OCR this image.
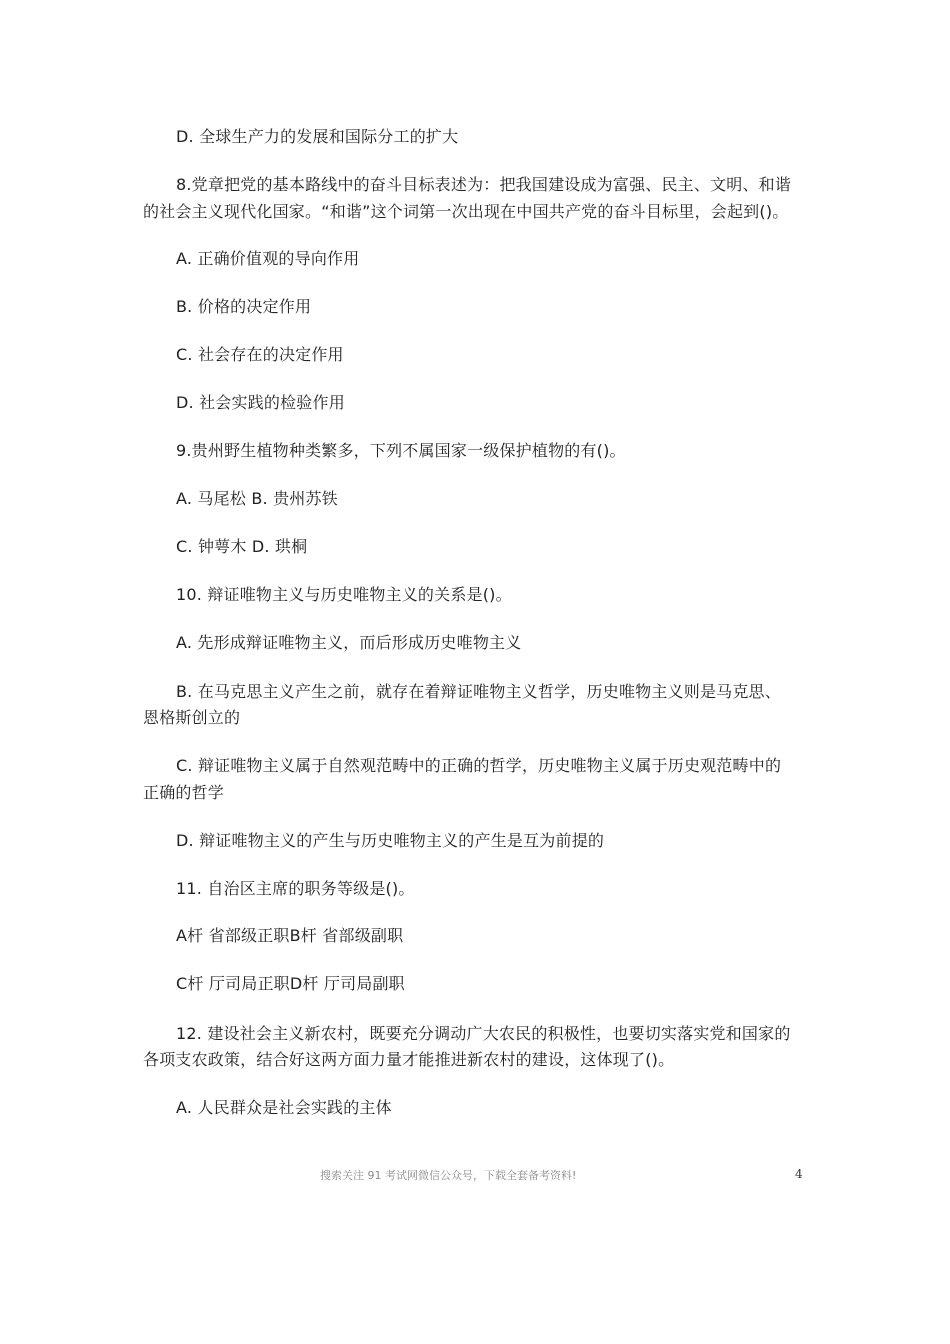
D. 全球生产力的发展和国际分工的扩大
8.党章把党的基本路线中的奋斗目标表述为：把我国建设成为富强、民主、文明、和谐
的社会主义现代化国家。“和谐”这个词第一次出现在中国共产党的奋斗目标里，会起到()。
A. 正确价值观的导向作用
B. 价格的决定作用
C. 社会存在的决定作用
D. 社会实践的检验作用
9.贵州野生植物种类繁多，下列不属国家一级保护植物的有()。
A. 马尾松 B. 贵州苏铁
C. 钟萼木 D. 珙桐
10. 辩证唯物主义与历史唯物主义的关系是()。
A. 先形成辩证唯物主义，而后形成历史唯物主义
B. 在马克思主义产生之前，就存在着辩证唯物主义哲学，历史唯物主义则是马克思、
恩格斯创立的
C. 辩证唯物主义属于自然观范畴中的正确的哲学，历史唯物主义属于历史观范畴中的
正确的哲学
D. 辩证唯物主义的产生与历史唯物主义的产生是互为前提的
11. 自治区主席的职务等级是()。
A杆 省部级正职B杆 省部级副职
C杆 厅司局正职D杆 厅司局副职
12. 建设社会主义新农村，既要充分调动广大农民的积极性，也要切实落实党和国家的
各项支农政策，结合好这两方面力量才能推进新农村的建设，这体现了()。
A. 人民群众是社会实践的主体
搜索关注 91 考试网微信公众号，下载全套备考资料!	4
